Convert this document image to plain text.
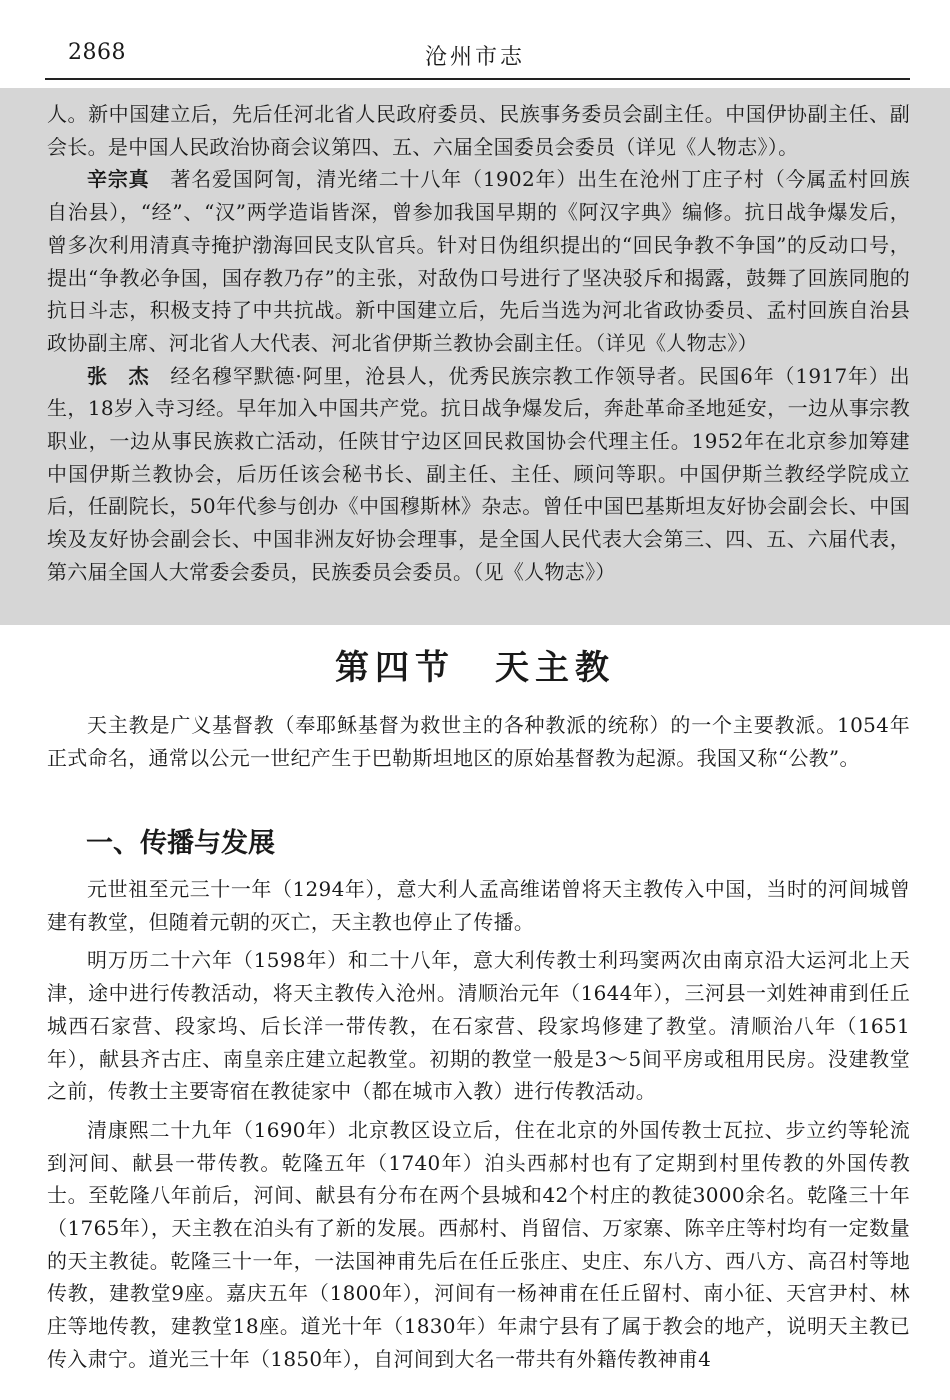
2868	沧州市志

人。新中国建立后，先后任河北省人民政府委员、民族事务委员会副主任。中国伊协副主任、副会长。是中国人民政治协商会议第四、五、六届全国委员会委员（详见《人物志》）。

辛宗真　 著名爱国阿訇，清光绪二十八年（1902年）出生在沧州丁庄子村（今属孟村回族自治县），“经”、“汉”两学造诣皆深，曾参加我国早期的《阿汉字典》编修。抗日战争爆发后，曾多次利用清真寺掩护渤海回民支队官兵。针对日伪组织提出的“回民争教不争国”的反动口号，提出“争教必争国，国存教乃存”的主张，对敌伪口号进行了坚决驳斥和揭露，鼓舞了回族同胞的抗日斗志，积极支持了中共抗战。新中国建立后，先后当选为河北省政协委员、孟村回族自治县政协副主席、河北省人大代表、河北省伊斯兰教协会副主任。（详见《人物志》）

张　杰　 经名穆罕默德·阿里，沧县人，优秀民族宗教工作领导者。民国6年（1917年）出生，18岁入寺习经。早年加入中国共产党。抗日战争爆发后，奔赴革命圣地延安，一边从事宗教职业，一边从事民族救亡活动，任陕甘宁边区回民救国协会代理主任。1952年在北京参加筹建中国伊斯兰教协会，后历任该会秘书长、副主任、主任、顾问等职。中国伊斯兰教经学院成立后，任副院长，50年代参与创办《中国穆斯林》杂志。曾任中国巴基斯坦友好协会副会长、中国埃及友好协会副会长、中国非洲友好协会理事，是全国人民代表大会第三、四、五、六届代表，第六届全国人大常委会委员，民族委员会委员。（见《人物志》）

第四节　天主教

天主教是广义基督教（奉耶稣基督为救世主的各种教派的统称）的一个主要教派。1054年正式命名，通常以公元一世纪产生于巴勒斯坦地区的原始基督教为起源。我国又称“公教”。

一、传播与发展

元世祖至元三十一年（1294年），意大利人孟高维诺曾将天主教传入中国，当时的河间城曾建有教堂，但随着元朝的灭亡，天主教也停止了传播。

明万历二十六年（1598年）和二十八年，意大利传教士利玛窦两次由南京沿大运河北上天津，途中进行传教活动，将天主教传入沧州。清顺治元年（1644年），三河县一刘姓神甫到任丘城西石家营、段家坞、后长洋一带传教，在石家营、段家坞修建了教堂。清顺治八年（1651年），献县齐古庄、南皇亲庄建立起教堂。初期的教堂一般是3～5间平房或租用民房。没建教堂之前，传教士主要寄宿在教徒家中（都在城市入教）进行传教活动。

清康熙二十九年（1690年）北京教区设立后，住在北京的外国传教士瓦拉、步立约等轮流到河间、献县一带传教。乾隆五年（1740年）泊头西郝村也有了定期到村里传教的外国传教士。至乾隆八年前后，河间、献县有分布在两个县城和42个村庄的教徒3000余名。乾隆三十年（1765年），天主教在泊头有了新的发展。西郝村、肖留信、万家寨、陈辛庄等村均有一定数量的天主教徒。乾隆三十一年，一法国神甫先后在任丘张庄、史庄、东八方、西八方、高召村等地传教，建教堂9座。嘉庆五年（1800年），河间有一杨神甫在任丘留村、南小征、天宫尹村、林庄等地传教，建教堂18座。道光十年（1830年）年肃宁县有了属于教会的地产，说明天主教已传入肃宁。道光三十年（1850年），自河间到大名一带共有外籍传教神甫4
